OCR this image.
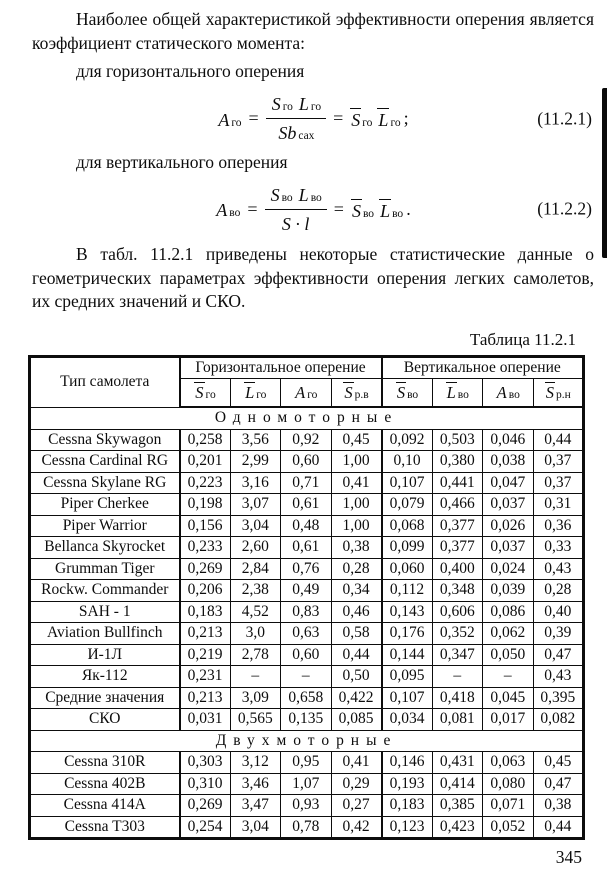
Наиболее общей характеристикой эффективности оперения является коэффициент статического момента:

для горизонтального оперения

A го = $\frac{\text{S го L го}}{\text{Sb сах}} = S$ го L го ;	(11.2.1)

для вертикального оперения

A во = $\frac{\text{S во L во}}{S \cdot l} = S$ во L во .	(11.2.2)

В табл. 11.2.1 приведены некоторые статистические данные о геометрических параметрах эффективности оперения легких самолетов, их средних значений и СКО.

Таблица 11.2.1
Тип самолета	Горизонтальное оперение				Вертикальное оперение			

	S го	L го	A го	S р.в	S во	L во	A во	S р.н

Одномоторные								
Cessna Skywagon	0,258	3,56	0,92	0,45	0,092	0,503	0,046	0,44
Cessna Cardinal RG	0,201	2,99	0,60	1,00	0,10	0,380	0,038	0,37
Cessna Skylane RG	0,223	3,16	0,71	0,41	0,107	0,441	0,047	0,37
Piper Cherkee	0,198	3,07	0,61	1,00	0,079	0,466	0,037	0,31
Piper Warrior	0,156	3,04	0,48	1,00	0,068	0,377	0,026	0,36
Bellanca Skyrocket	0,233	2,60	0,61	0,38	0,099	0,377	0,037	0,33
Grumman Tiger	0,269	2,84	0,76	0,28	0,060	0,400	0,024	0,43
Rockw. Commander	0,206	2,38	0,49	0,34	0,112	0,348	0,039	0,28
SAH - 1	0,183	4,52	0,83	0,46	0,143	0,606	0,086	0,40
Aviation Bullfinch	0,213	3,0	0,63	0,58	0,176	0,352	0,062	0,39
И-1Л	0,219	2,78	0,60	0,44	0,144	0,347	0,050	0,47
Як-112	0,231	–	–	0,50	0,095	–	–	0,43
Средние значения	0,213	3,09	0,658	0,422	0,107	0,418	0,045	0,395
СКО	0,031	0,565	0,135	0,085	0,034	0,081	0,017	0,082
Двухмоторные								
Cessna 310R	0,303	3,12	0,95	0,41	0,146	0,431	0,063	0,45
Cessna 402B	0,310	3,46	1,07	0,29	0,193	0,414	0,080	0,47
Cessna 414A	0,269	3,47	0,93	0,27	0,183	0,385	0,071	0,38
Cessna T303	0,254	3,04	0,78	0,42	0,123	0,423	0,052	0,44
345
